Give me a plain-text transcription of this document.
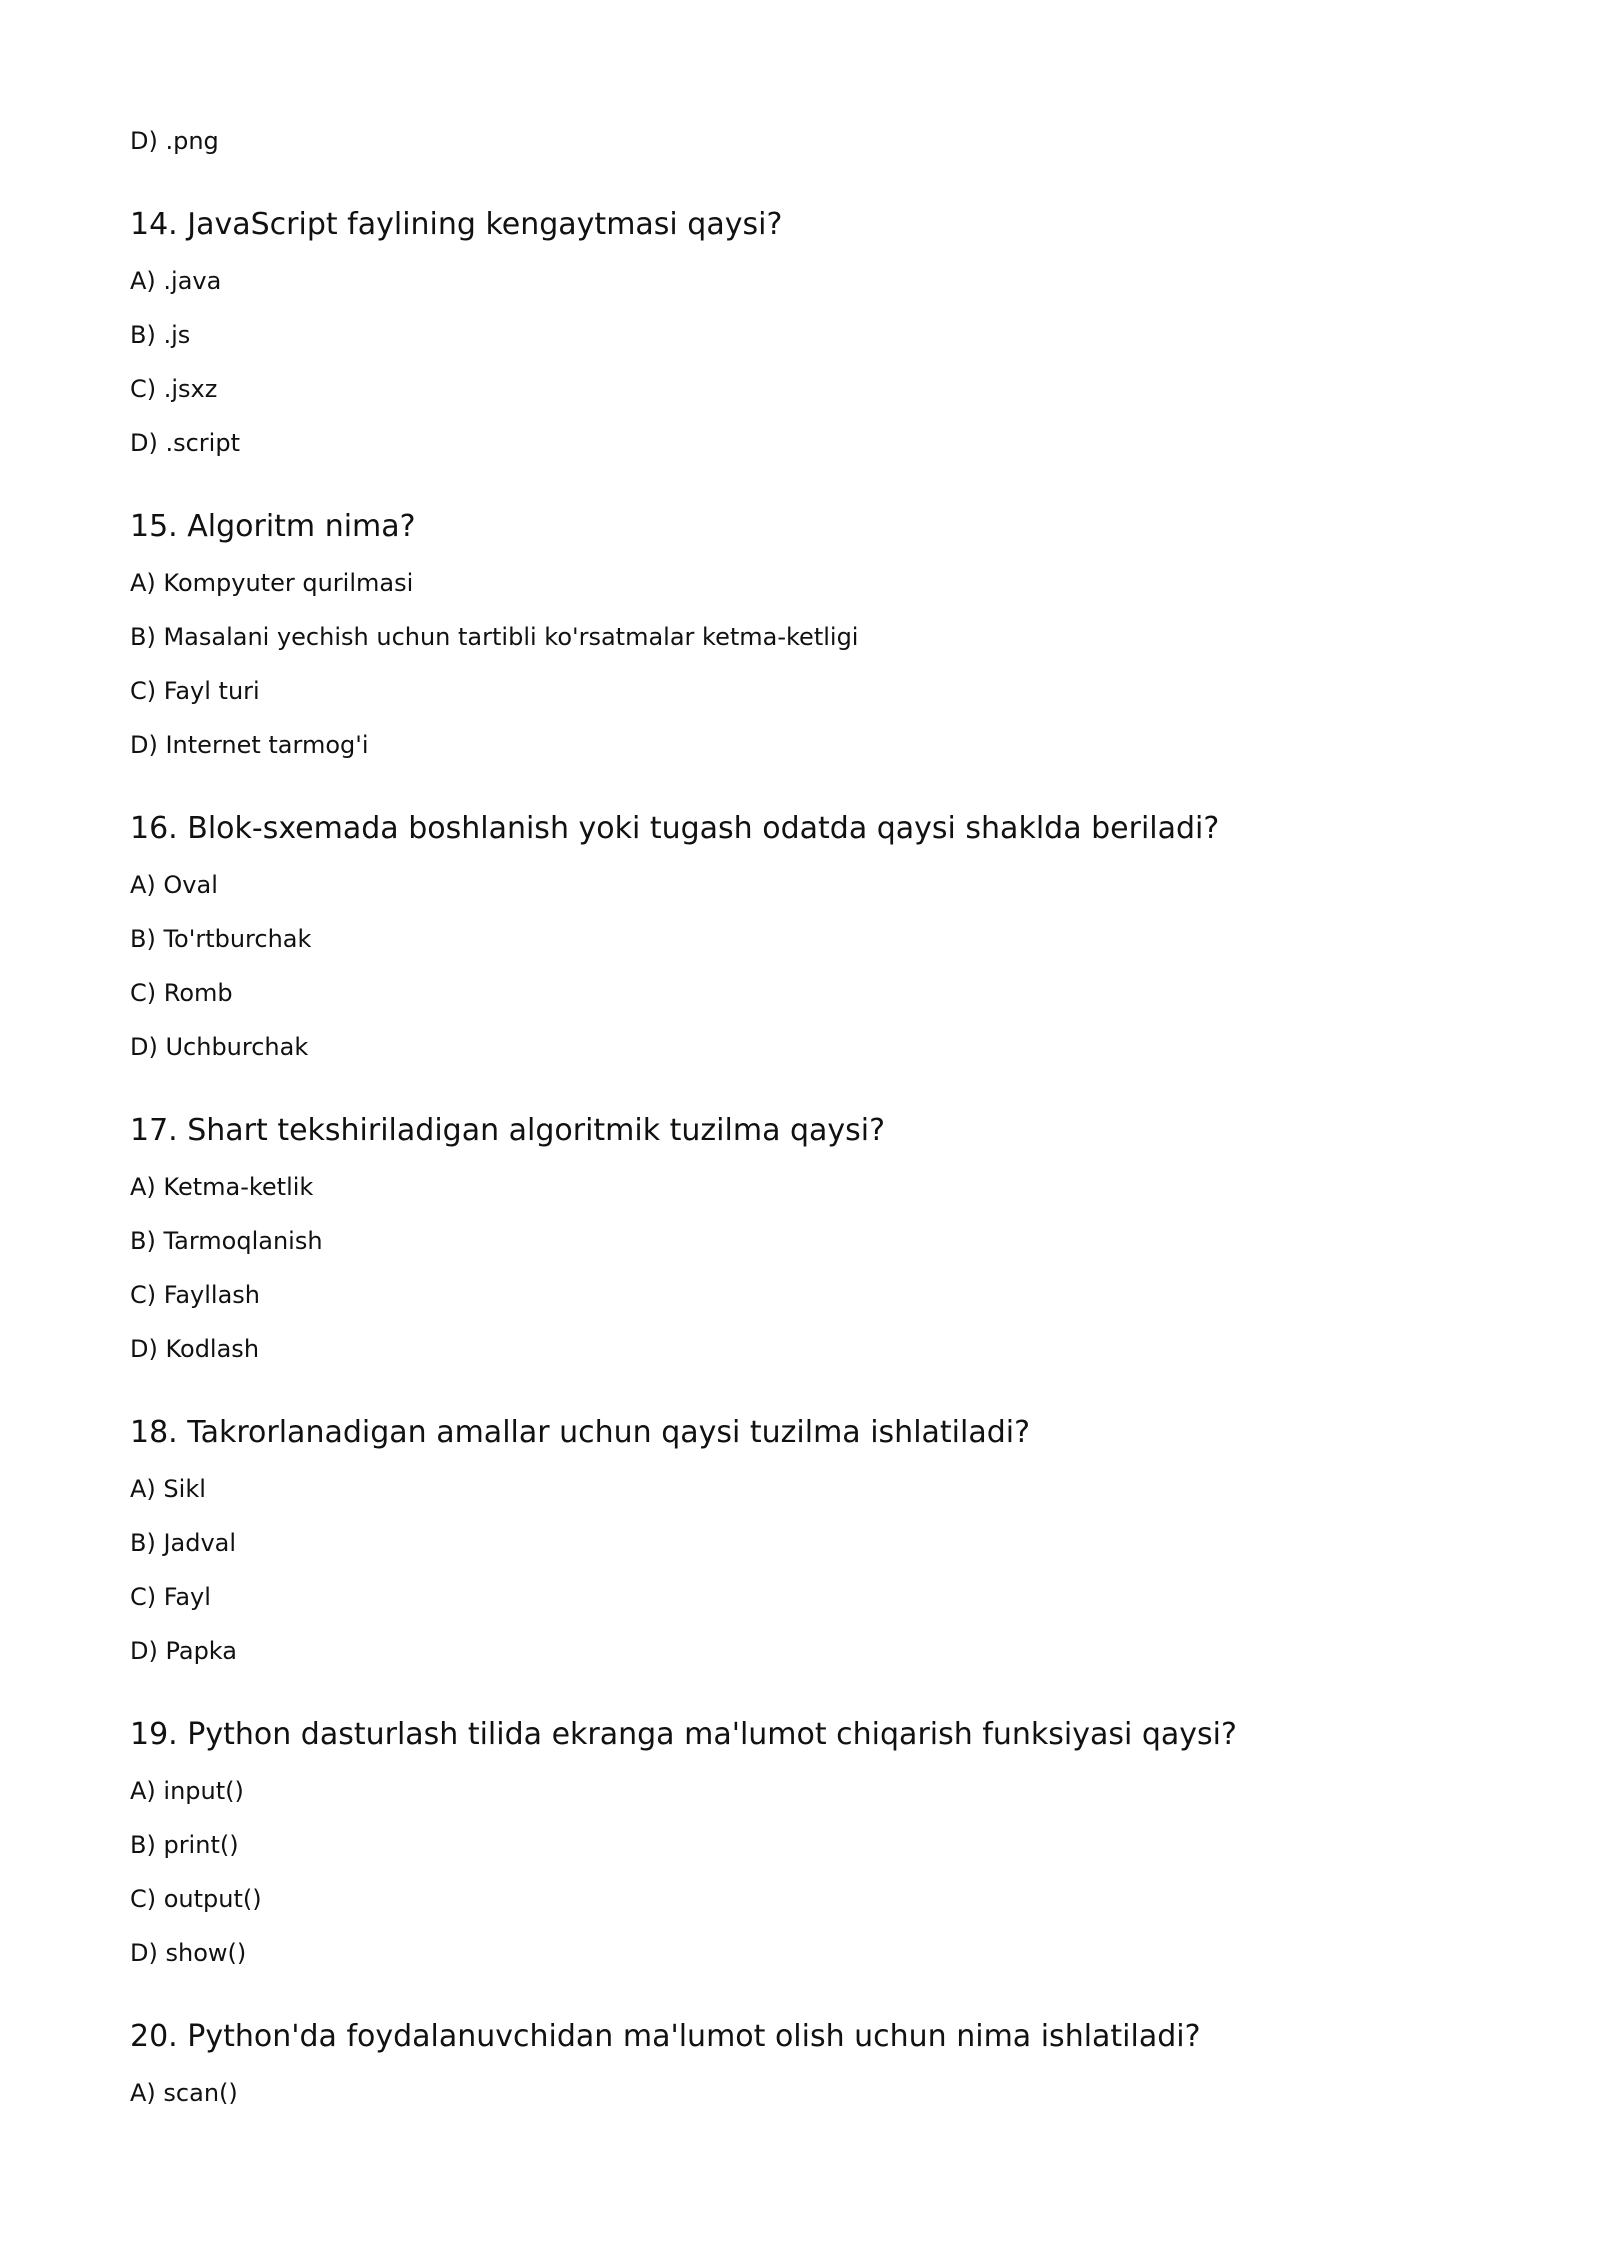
D) .png

14. JavaScript faylining kengaytmasi qaysi?

A) .java

B) .js

C) .jsxz

D) .script

15. Algoritm nima?

A) Kompyuter qurilmasi

B) Masalani yechish uchun tartibli ko'rsatmalar ketma-ketligi

C) Fayl turi

D) Internet tarmog'i

16. Blok-sxemada boshlanish yoki tugash odatda qaysi shaklda beriladi?

A) Oval

B) To'rtburchak

C) Romb

D) Uchburchak

17. Shart tekshiriladigan algoritmik tuzilma qaysi?

A) Ketma-ketlik

B) Tarmoqlanish

C) Fayllash

D) Kodlash

18. Takrorlanadigan amallar uchun qaysi tuzilma ishlatiladi?

A) Sikl

B) Jadval

C) Fayl

D) Papka

19. Python dasturlash tilida ekranga ma'lumot chiqarish funksiyasi qaysi?

A) input()

B) print()

C) output()

D) show()

20. Python'da foydalanuvchidan ma'lumot olish uchun nima ishlatiladi?

A) scan()
